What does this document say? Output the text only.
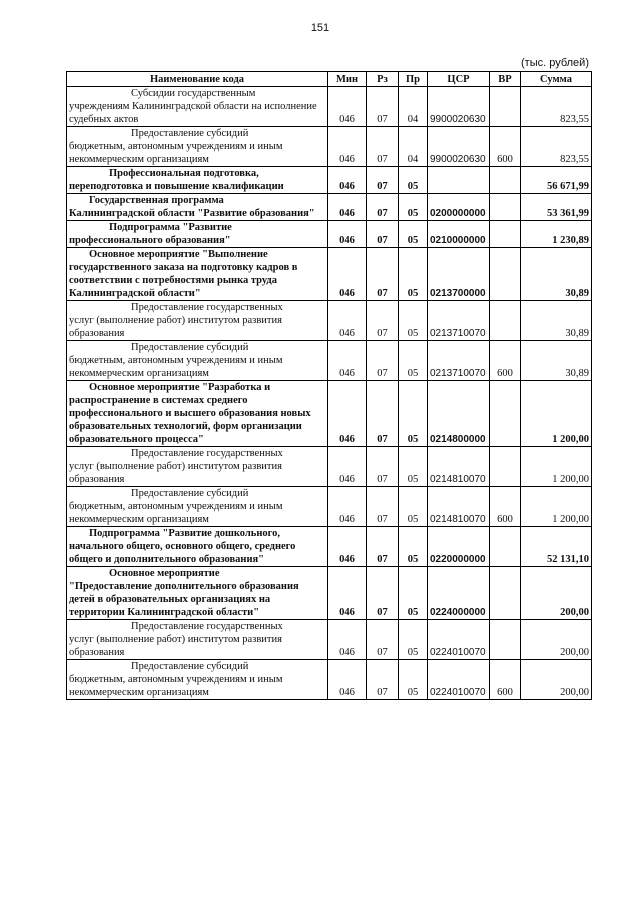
151
(тыс. рублей)
Наименование кода	Мин	Рз	Пр	ЦСР	ВР	Сумма

Субсидии государственным
учреждениям Калининградской области на исполнение судебных актов	046	07	04	9900020630		823,55

Предоставление субсидий
бюджетным, автономным учреждениям и иным некоммерческим организациям	046	07	04	9900020630	600	823,55

Профессиональная подготовка,
переподготовка и повышение квалификации	046	07	05			56 671,99

Государственная программа
Калининградской области "Развитие образования"	046	07	05	0200000000		53 361,99

Подпрограмма "Развитие
профессионального образования"	046	07	05	0210000000		1 230,89

Основное мероприятие "Выполнение
государственного заказа на подготовку кадров в соответствии с потребностями рынка труда Калининградской области"	046	07	05	0213700000		30,89

Предоставление государственных
услуг (выполнение работ) институтом развития образования	046	07	05	0213710070		30,89

Предоставление субсидий
бюджетным, автономным учреждениям и иным некоммерческим организациям	046	07	05	0213710070	600	30,89

Основное мероприятие "Разработка и
распространение в системах среднего профессионального и высшего образования новых образовательных технологий, форм организации образовательного процесса"	046	07	05	0214800000		1 200,00

Предоставление государственных
услуг (выполнение работ) институтом развития образования	046	07	05	0214810070		1 200,00

Предоставление субсидий
бюджетным, автономным учреждениям и иным некоммерческим организациям	046	07	05	0214810070	600	1 200,00

Подпрограмма "Развитие дошкольного,
начального общего, основного общего, среднего общего и дополнительного образования"	046	07	05	0220000000		52 131,10

Основное мероприятие
"Предоставление дополнительного образования детей в образовательных организациях на территории Калининградской области"	046	07	05	0224000000		200,00

Предоставление государственных
услуг (выполнение работ) институтом развития образования	046	07	05	0224010070		200,00

Предоставление субсидий
бюджетным, автономным учреждениям и иным некоммерческим организациям	046	07	05	0224010070	600	200,00
